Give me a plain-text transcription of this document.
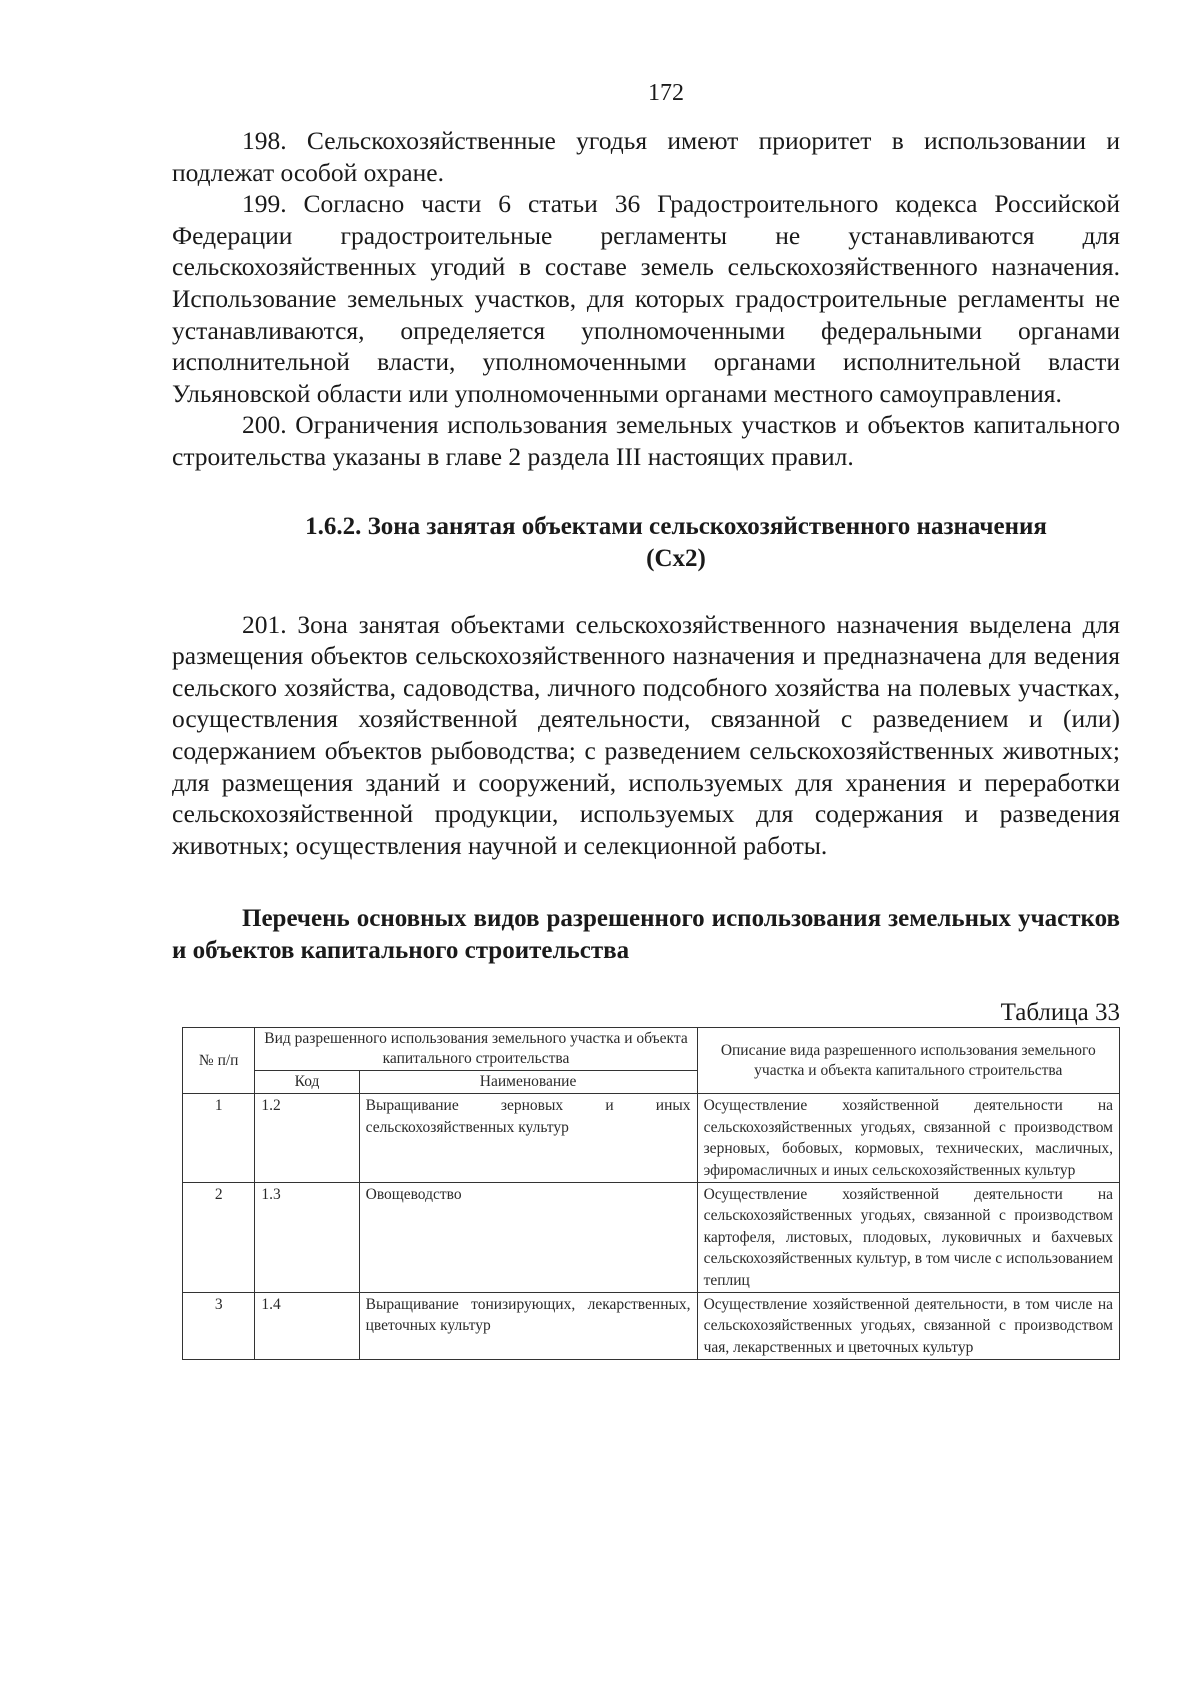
172

198. Сельскохозяйственные угодья имеют приоритет в использовании и подлежат особой охране.

199. Согласно части 6 статьи 36 Градостроительного кодекса Российской Федерации градостроительные регламенты не устанавливаются для сельскохозяйственных угодий в составе земель сельскохозяйственного назначения. Использование земельных участков, для которых градостроительные регламенты не устанавливаются, определяется уполномоченными федеральными органами исполнительной власти, уполномоченными органами исполнительной власти Ульяновской области или уполномоченными органами местного самоуправления.

200. Ограничения использования земельных участков и объектов капитального строительства указаны в главе 2 раздела III настоящих правил.

1.6.2. Зона занятая объектами сельскохозяйственного назначения
(Сх2)

201. Зона занятая объектами сельскохозяйственного назначения выделена для размещения объектов сельскохозяйственного назначения и предназначена для ведения сельского хозяйства, садоводства, личного подсобного хозяйства на полевых участках, осуществления хозяйственной деятельности, связанной с разведением и (или) содержанием объектов рыбоводства; с разведением сельскохозяйственных животных; для размещения зданий и сооружений, используемых для хранения и переработки сельскохозяйственной продукции, используемых для содержания и разведения животных; осуществления научной и селекционной работы.

Перечень основных видов разрешенного использования земельных участков и объектов капитального строительства

Таблица 33
№ п/п	Вид разрешенного использования земельного участка и объекта капитального строительства		Описание вида разрешенного использования земельного участка и объекта капитального строительства
	Код	Наименование	
1	1.2	Выращивание зерновых и иных сельскохозяйственных культур	Осуществление хозяйственной деятельности на сельскохозяйственных угодьях, связанной с производством зерновых, бобовых, кормовых, технических, масличных, эфиромасличных и иных сельскохозяйственных культур
2	1.3	Овощеводство	Осуществление хозяйственной деятельности на сельскохозяйственных угодьях, связанной с производством картофеля, листовых, плодовых, луковичных и бахчевых сельскохозяйственных культур, в том числе с использованием теплиц
3	1.4	Выращивание тонизирующих, лекарственных, цветочных культур	Осуществление хозяйственной деятельности, в том числе на сельскохозяйственных угодьях, связанной с производством чая, лекарственных и цветочных культур
